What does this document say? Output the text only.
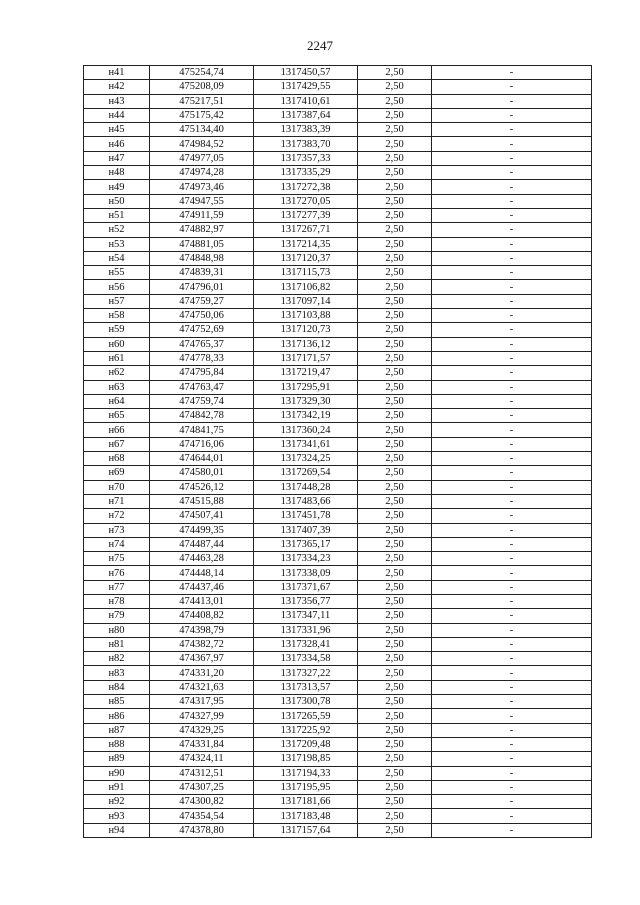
2247
н41	475254,74	1317450,57	2,50	-
н42	475208,09	1317429,55	2,50	-
н43	475217,51	1317410,61	2,50	-
н44	475175,42	1317387,64	2,50	-
н45	475134,40	1317383,39	2,50	-
н46	474984,52	1317383,70	2,50	-
н47	474977,05	1317357,33	2,50	-
н48	474974,28	1317335,29	2,50	-
н49	474973,46	1317272,38	2,50	-
н50	474947,55	1317270,05	2,50	-
н51	474911,59	1317277,39	2,50	-
н52	474882,97	1317267,71	2,50	-
н53	474881,05	1317214,35	2,50	-
н54	474848,98	1317120,37	2,50	-
н55	474839,31	1317115,73	2,50	-
н56	474796,01	1317106,82	2,50	-
н57	474759,27	1317097,14	2,50	-
н58	474750,06	1317103,88	2,50	-
н59	474752,69	1317120,73	2,50	-
н60	474765,37	1317136,12	2,50	-
н61	474778,33	1317171,57	2,50	-
н62	474795,84	1317219,47	2,50	-
н63	474763,47	1317295,91	2,50	-
н64	474759,74	1317329,30	2,50	-
н65	474842,78	1317342,19	2,50	-
н66	474841,75	1317360,24	2,50	-
н67	474716,06	1317341,61	2,50	-
н68	474644,01	1317324,25	2,50	-
н69	474580,01	1317269,54	2,50	-
н70	474526,12	1317448,28	2,50	-
н71	474515,88	1317483,66	2,50	-
н72	474507,41	1317451,78	2,50	-
н73	474499,35	1317407,39	2,50	-
н74	474487,44	1317365,17	2,50	-
н75	474463,28	1317334,23	2,50	-
н76	474448,14	1317338,09	2,50	-
н77	474437,46	1317371,67	2,50	-
н78	474413,01	1317356,77	2,50	-
н79	474408,82	1317347,11	2,50	-
н80	474398,79	1317331,96	2,50	-
н81	474382,72	1317328,41	2,50	-
н82	474367,97	1317334,58	2,50	-
н83	474331,20	1317327,22	2,50	-
н84	474321,63	1317313,57	2,50	-
н85	474317,95	1317300,78	2,50	-
н86	474327,99	1317265,59	2,50	-
н87	474329,25	1317225,92	2,50	-
н88	474331,84	1317209,48	2,50	-
н89	474324,11	1317198,85	2,50	-
н90	474312,51	1317194,33	2,50	-
н91	474307,25	1317195,95	2,50	-
н92	474300,82	1317181,66	2,50	-
н93	474354,54	1317183,48	2,50	-
н94	474378,80	1317157,64	2,50	-
